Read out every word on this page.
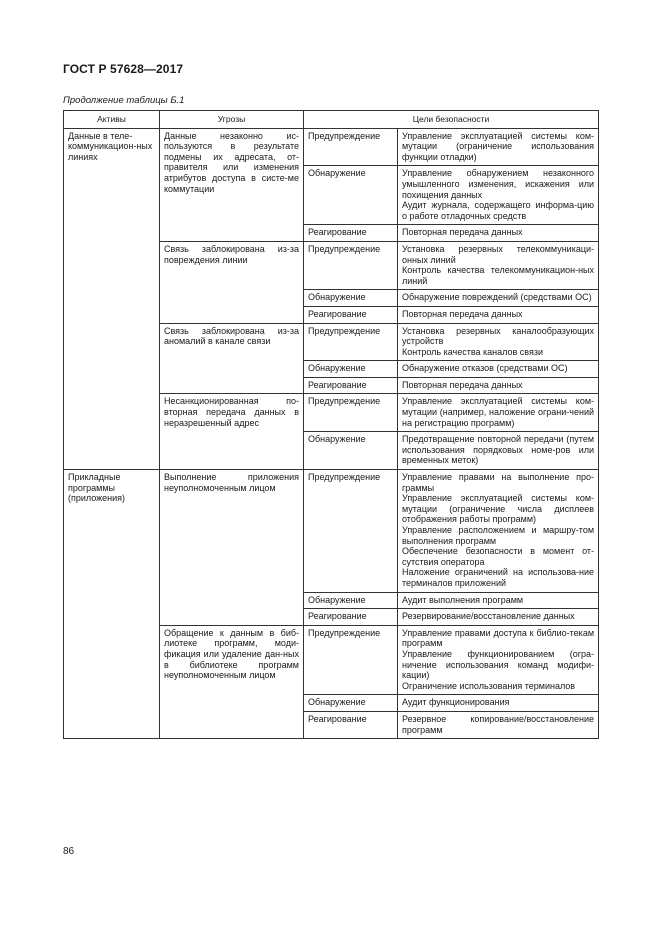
ГОСТ Р 57628—2017
Продолжение таблицы Б.1
Активы	Угрозы	Цели безопасности	
Данные в теле-коммуникацион-ных линиях	Данные незаконно ис-пользуются в результате подмены их адресата, от-правителя или изменения атрибутов доступа в систе-ме коммутации	Предупреждение	Управление эксплуатацией системы ком-мутации (ограничение использования функции отладки)

		Обнаружение	Управление обнаружением незаконного умышленного изменения, искажения или похищения данных
Аудит журнала, содержащего информа-цию о работе отладочных средств

		Реагирование	Повторная передача данных

	Связь заблокирована из-за повреждения линии	Предупреждение	Установка резервных телекоммуникаци-онных линий
Контроль качества телекоммуникацион-ных линий

		Обнаружение	Обнаружение повреждений (средствами ОС)

		Реагирование	Повторная передача данных

	Связь заблокирована из-за аномалий в канале связи	Предупреждение	Установка резервных каналообразующих устройств
Контроль качества каналов связи

		Обнаружение	Обнаружение отказов (средствами ОС)

		Реагирование	Повторная передача данных

	Несанкционированная по-вторная передача данных в неразрешенный адрес	Предупреждение	Управление эксплуатацией системы ком-мутации (например, наложение ограни-чений на регистрацию программ)

		Обнаружение	Предотвращение повторной передачи (путем использования порядковых номе-ров или временных меток)

Прикладные программы (приложения)	Выполнение приложения неуполномоченным лицом	Предупреждение	Управление правами на выполнение про-граммы
Управление эксплуатацией системы ком-мутации (ограничение числа дисплеев отображения работы программ)
Управление расположением и маршру-том выполнения программ
Обеспечение безопасности в момент от-сутствия оператора
Наложение ограничений на использова-ние терминалов приложений

		Обнаружение	Аудит выполнения программ

		Реагирование	Резервирование/восстановление данных

	Обращение к данным в биб-лиотеке программ, моди-фикация или удаление дан-ных в библиотеке программ неуполномоченным лицом	Предупреждение	Управление правами доступа к библио-текам программ
Управление функционированием (огра-ничение использования команд модифи-кации)
Ограничение использования терминалов

		Обнаружение	Аудит функционирования

		Реагирование	Резервное копирование/восстановление программ
86
